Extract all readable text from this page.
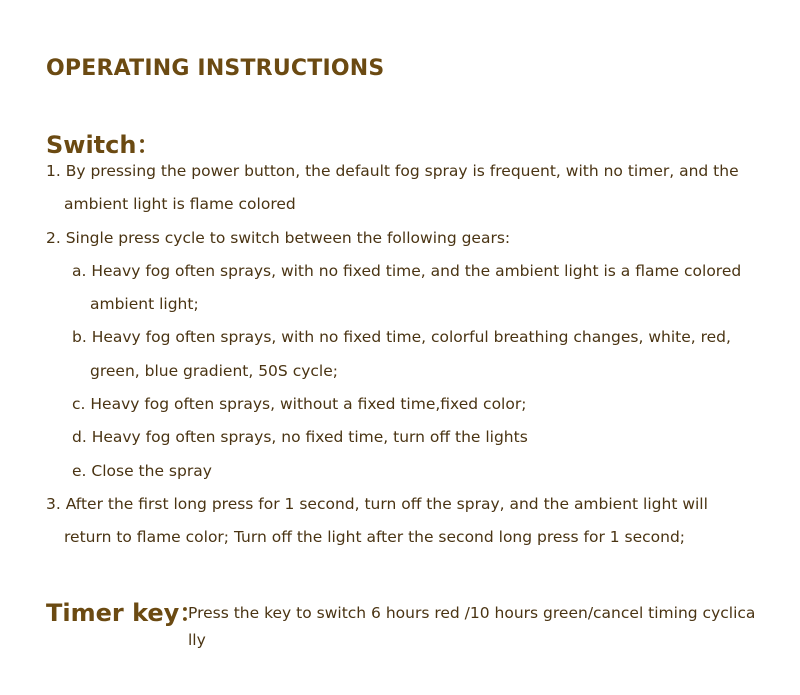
OPERATING INSTRUCTIONS
Switch：
1. By pressing the power button, the default fog spray is frequent, with no timer, and the
ambient light is flame colored
2. Single press cycle to switch between the following gears:
a. Heavy fog often sprays, with no fixed time, and the ambient light is a flame colored
ambient light;
b. Heavy fog often sprays, with no fixed time, colorful breathing changes, white, red,
green, blue gradient, 50S cycle;
c. Heavy fog often sprays, without a fixed time,fixed color;
d. Heavy fog often sprays, no fixed time, turn off the lights
e. Close the spray
3. After the first long press for 1 second, turn off the spray, and the ambient light will
return to flame color; Turn off the light after the second long press for 1 second;
Timer key：
Press the key to switch 6 hours red /10 hours green/cancel timing cyclically
